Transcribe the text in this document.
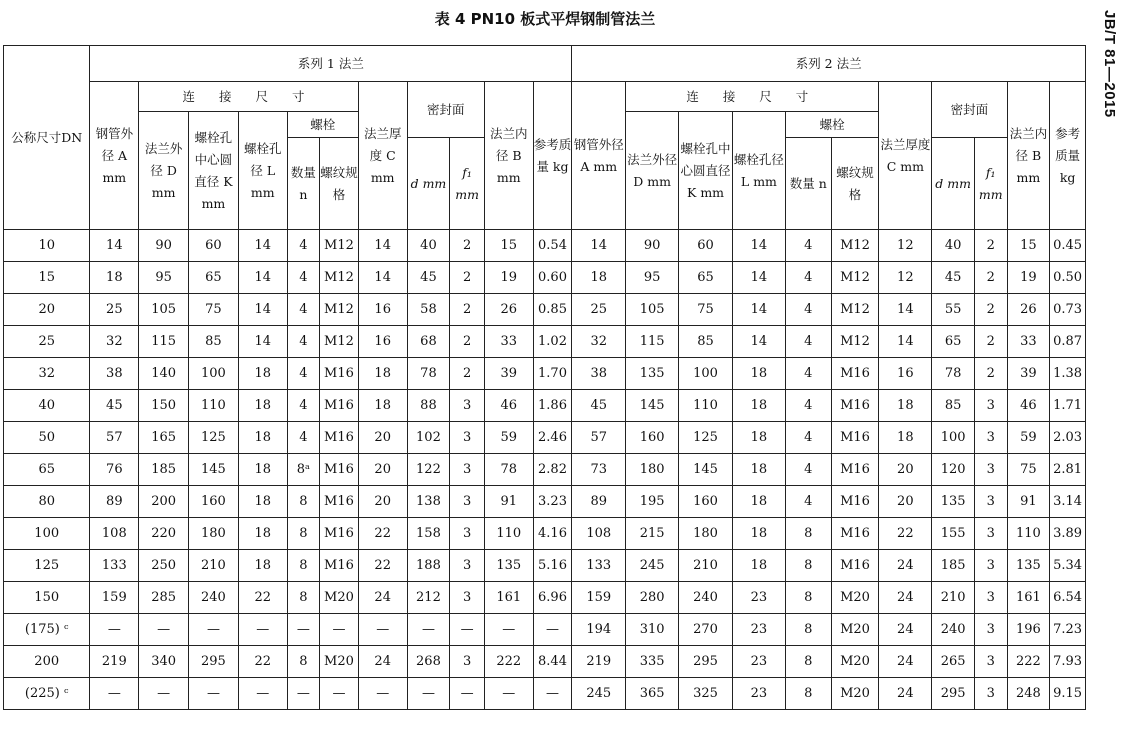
表 4 PN10 板式平焊钢制管法兰	JB/T 81—2015
公称尺寸DN	系列 1 法兰											系列 2 法兰										
	钢管外径 A mm	连 接 尺 寸					法兰厚度 C mm	密封面		法兰内径 B mm	参考质量 kg	钢管外径 A mm	连 接 尺 寸					法兰厚度 C mm	密封面		法兰内径 B mm	参考质量 kg
		法兰外径 D mm	螺栓孔中心圆直径 K mm	螺栓孔径 L mm	螺栓								法兰外径 D mm	螺栓孔中心圆直径 K mm	螺栓孔径 L mm	螺栓						
					数量 n	螺纹规格		d mm	f₁ mm							数量 n	螺纹规格		d mm	f₁ mm		
10	14	90	60	14	4	M12	14	40	2	15	0.54	14	90	60	14	4	M12	12	40	2	15	0.45
15	18	95	65	14	4	M12	14	45	2	19	0.60	18	95	65	14	4	M12	12	45	2	19	0.50
20	25	105	75	14	4	M12	16	58	2	26	0.85	25	105	75	14	4	M12	14	55	2	26	0.73
25	32	115	85	14	4	M12	16	68	2	33	1.02	32	115	85	14	4	M12	14	65	2	33	0.87
32	38	140	100	18	4	M16	18	78	2	39	1.70	38	135	100	18	4	M16	16	78	2	39	1.38
40	45	150	110	18	4	M16	18	88	3	46	1.86	45	145	110	18	4	M16	18	85	3	46	1.71
50	57	165	125	18	4	M16	20	102	3	59	2.46	57	160	125	18	4	M16	18	100	3	59	2.03
65	76	185	145	18	8ᵃ	M16	20	122	3	78	2.82	73	180	145	18	4	M16	20	120	3	75	2.81
80	89	200	160	18	8	M16	20	138	3	91	3.23	89	195	160	18	4	M16	20	135	3	91	3.14
100	108	220	180	18	8	M16	22	158	3	110	4.16	108	215	180	18	8	M16	22	155	3	110	3.89
125	133	250	210	18	8	M16	22	188	3	135	5.16	133	245	210	18	8	M16	24	185	3	135	5.34
150	159	285	240	22	8	M20	24	212	3	161	6.96	159	280	240	23	8	M20	24	210	3	161	6.54
(175) ᶜ	—	—	—	—	—	—	—	—	—	—	—	194	310	270	23	8	M20	24	240	3	196	7.23
200	219	340	295	22	8	M20	24	268	3	222	8.44	219	335	295	23	8	M20	24	265	3	222	7.93
(225) ᶜ	—	—	—	—	—	—	—	—	—	—	—	245	365	325	23	8	M20	24	295	3	248	9.15
